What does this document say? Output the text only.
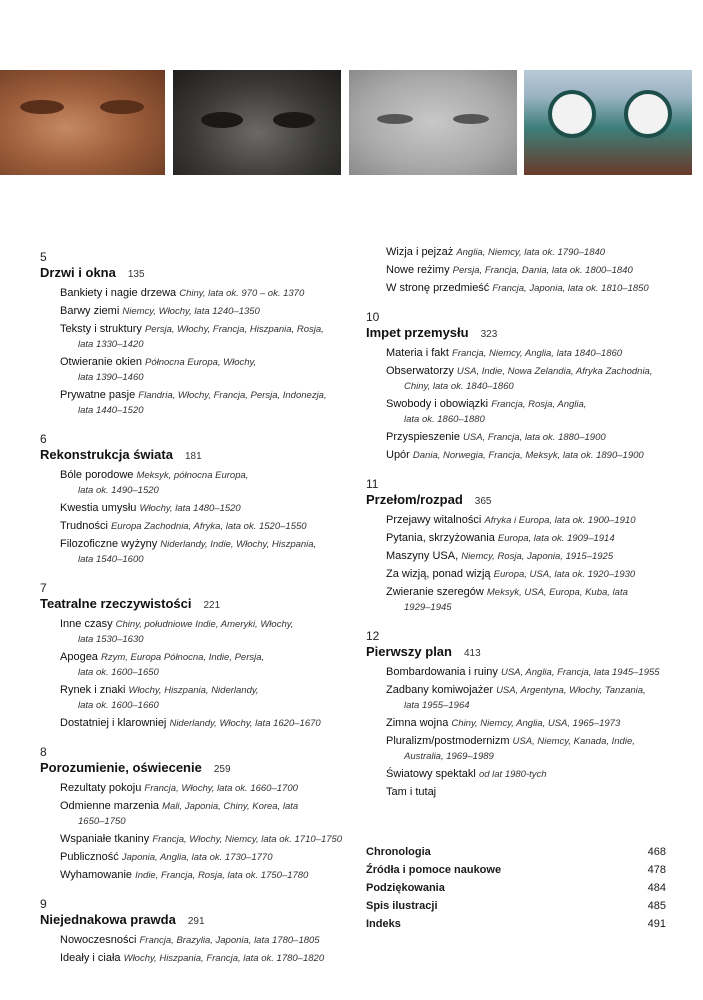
5
Drzwi i okna 135
Bankiety i nagie drzewa Chiny, lata ok. 970 – ok. 1370
Barwy ziemi Niemcy, Włochy, lata 1240–1350
Teksty i struktury Persja, Włochy, Francja, Hiszpania, Rosja,
lata 1330–1420
Otwieranie okien Północna Europa, Włochy,
lata 1390–1460
Prywatne pasje Flandria, Włochy, Francja, Persja, Indonezja,
lata 1440–1520
6
Rekonstrukcja świata 181
Bóle porodowe Meksyk, północna Europa,
lata ok. 1490–1520
Kwestia umysłu Włochy, lata 1480–1520
Trudności Europa Zachodnia, Afryka, lata ok. 1520–1550
Filozoficzne wyżyny Niderlandy, Indie, Włochy, Hiszpania,
lata 1540–1600
7
Teatralne rzeczywistości 221
Inne czasy Chiny, południowe Indie, Ameryki, Włochy,
lata 1530–1630
Apogea Rzym, Europa Północna, Indie, Persja,
lata ok. 1600–1650
Rynek i znaki Włochy, Hiszpania, Niderlandy,
lata ok. 1600–1660
Dostatniej i klarowniej Niderlandy, Włochy, lata 1620–1670
8
Porozumienie, oświecenie 259
Rezultaty pokoju Francja, Włochy, lata ok. 1660–1700
Odmienne marzenia Mali, Japonia, Chiny, Korea, lata
1650–1750
Wspaniałe tkaniny Francja, Włochy, Niemcy, lata ok. 1710–1750
Publiczność Japonia, Anglia, lata ok. 1730–1770
Wyhamowanie Indie, Francja, Rosja, lata ok. 1750–1780
9
Niejednakowa prawda 291
Nowoczesności Francja, Brazylia, Japonia, lata 1780–1805
Ideały i ciała Włochy, Hiszpania, Francja, lata ok. 1780–1820
Wizja i pejzaż Anglia, Niemcy, lata ok. 1790–1840
Nowe reżimy Persja, Francja, Dania, lata ok. 1800–1840
W stronę przedmieść Francja, Japonia, lata ok. 1810–1850
10
Impet przemysłu 323
Materia i fakt Francja, Niemcy, Anglia, lata 1840–1860
Obserwatorzy USA, Indie, Nowa Zelandia, Afryka Zachodnia,
Chiny, lata ok. 1840–1860
Swobody i obowiązki Francja, Rosja, Anglia,
lata ok. 1860–1880
Przyspieszenie USA, Francja, lata ok. 1880–1900
Upór Dania, Norwegia, Francja, Meksyk, lata ok. 1890–1900
11
Przełom/rozpad 365
Przejawy witalności Afryka i Europa, lata ok. 1900–1910
Pytania, skrzyżowania Europa, lata ok. 1909–1914
Maszyny USA, Niemcy, Rosja, Japonia, 1915–1925
Za wizją, ponad wizją Europa, USA, lata ok. 1920–1930
Zwieranie szeregów Meksyk, USA, Europa, Kuba, lata
1929–1945
12
Pierwszy plan 413
Bombardowania i ruiny USA, Anglia, Francja, lata 1945–1955
Zadbany komiwojażer USA, Argentyna, Włochy, Tanzania,
lata 1955–1964
Zimna wojna Chiny, Niemcy, Anglia, USA, 1965–1973
Pluralizm/postmodernizm USA, Niemcy, Kanada, Indie,
Australia, 1969–1989
Światowy spektakl od lat 1980-tych
Tam i tutaj
Chronologia	468
Źródła i pomoce naukowe	478
Podziękowania	484
Spis ilustracji	485
Indeks	491
